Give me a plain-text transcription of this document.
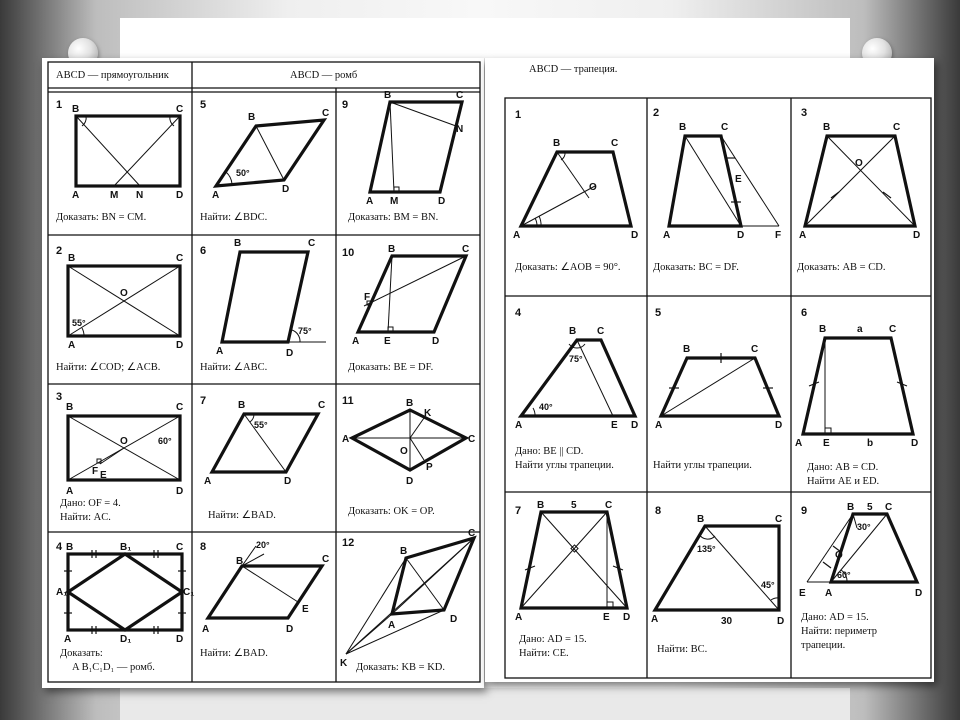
ABCD — прямоугольник	ABCD — ромб
1 B	C
A	M N	D
Доказать: BN = CM.
2
B	C
O
55°
A	D
Найти: ∠COD; ∠ACB.
3
B	C
O	60°
F E
A	D
Дано: OF = 4.
Найти: AC.
4 B	B₁	C
A₁	C₁
A	D₁	D
Доказать:
A B₁C₁D₁ — ромб.
5
B	C
50°
A
D
Найти: ∠BDC.
6
B	C
75°
A	D
Найти: ∠ABC.
7	B	C
55°
A	D
Найти: ∠BAD.
8	20°
B	C
E
A	D
Найти: ∠BAD.
9
B	C
N
A M	D
Доказать: BM = BN.
10	B	C
F
A E	D
Доказать: BE = DF.
11	B
K
A	C
O
P
D
Доказать: OK = OP.
12
B
C
A
D
K Доказать: KB = KD.
ABCD — трапеция.
1
B	C
O
A	D
Доказать: ∠AOB = 90°.
2
B	C
E
A	D	F
Доказать: BC = DF.
3
B	C
O
A	D
Доказать: AB = CD.
4
B C
75°
40°
A	E D
Дано: BE || CD.
Найти углы трапеции.
5
B	C
A	D
Найти углы трапеции.
6
B	a	C
A E	b	D
Дано: AB = CD.
Найти AE и ED.
7 B	5	C
A	E D
Дано: AD = 15.
Найти: CE.
8
B	C
135°
45°
A	30	D
Найти: BC.
9	B
30°
5 C
O
60°
E A	D
Дано: AD = 15.
Найти: периметр
трапеции.
